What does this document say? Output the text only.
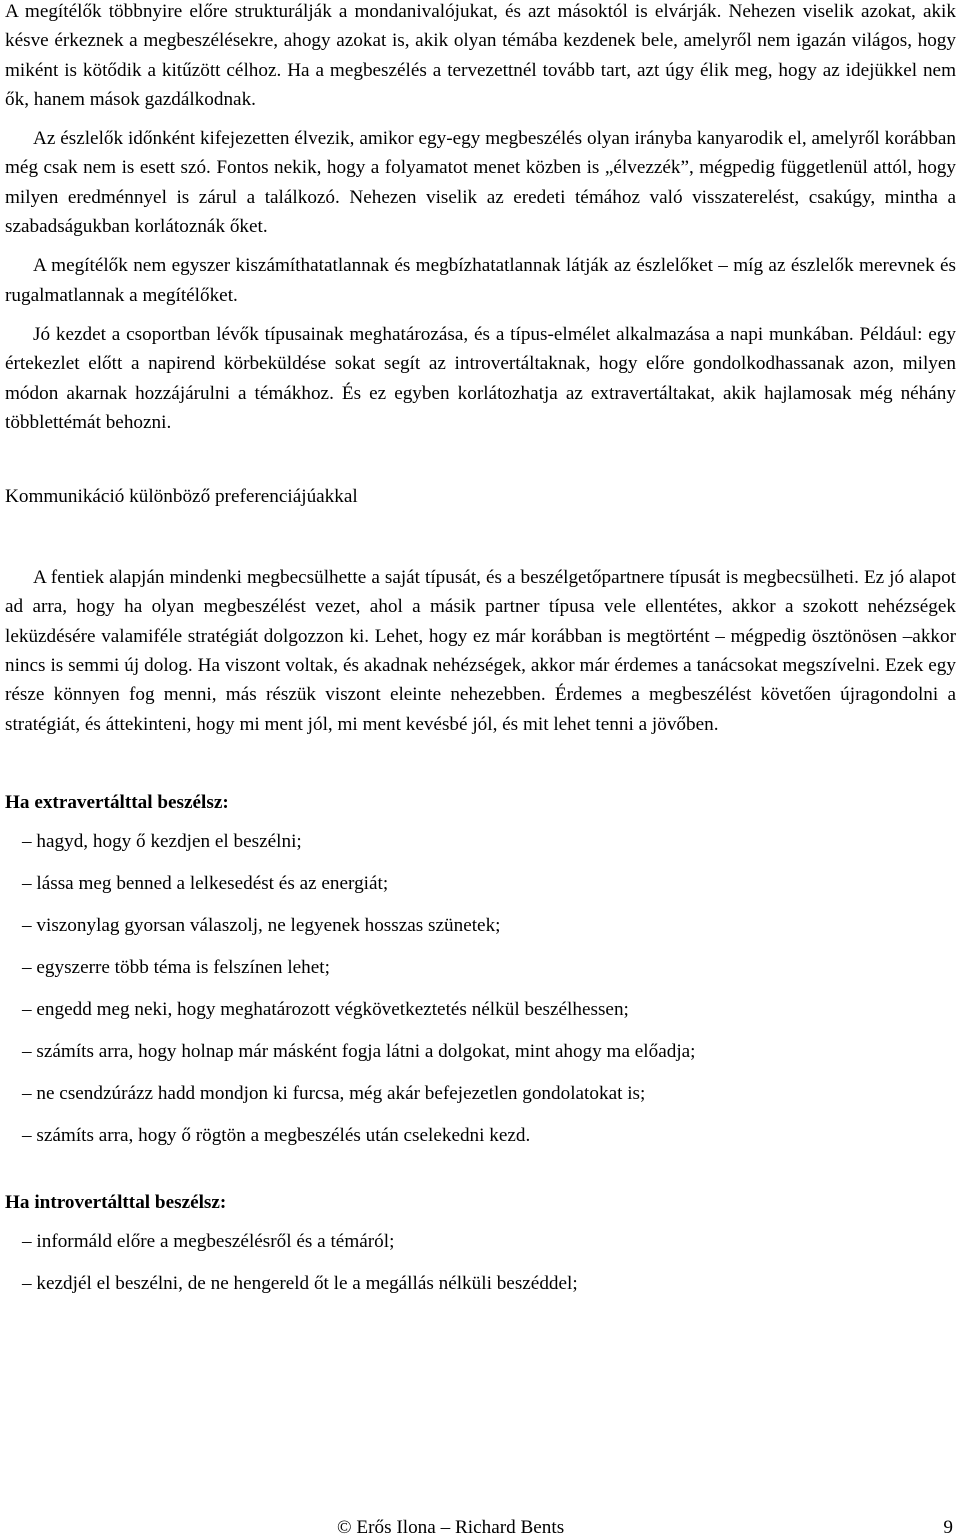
A megítélők többnyire előre strukturálják a mondanivalójukat, és azt másoktól is elvárják. Nehezen viselik azokat, akik késve érkeznek a megbeszélésekre, ahogy azokat is, akik olyan témába kezdenek bele, amelyről nem igazán világos, hogy miként is kötődik a kitűzött célhoz. Ha a megbeszélés a tervezettnél tovább tart, azt úgy élik meg, hogy az idejükkel nem ők, hanem mások gazdálkodnak.

Az észlelők időnként kifejezetten élvezik, amikor egy-egy megbeszélés olyan irányba kanyarodik el, amelyről korábban még csak nem is esett szó. Fontos nekik, hogy a folyamatot menet közben is „élvezzék”, mégpedig függetlenül attól, hogy milyen eredménnyel is zárul a találkozó. Nehezen viselik az eredeti témához való visszaterelést, csakúgy, mintha a szabadságukban korlátoznák őket.

A megítélők nem egyszer kiszámíthatatlannak és megbízhatatlannak látják az észlelőket – míg az észlelők merevnek és rugalmatlannak a megítélőket.

Jó kezdet a csoportban lévők típusainak meghatározása, és a típus-elmélet alkalmazása a napi munkában. Például: egy értekezlet előtt a napirend körbeküldése sokat segít az introvertáltaknak, hogy előre gondolkodhassanak azon, milyen módon akarnak hozzájárulni a témákhoz. És ez egyben korlátozhatja az extravertáltakat, akik hajlamosak még néhány többlettémát behozni.

Kommunikáció különböző preferenciájúakkal

A fentiek alapján mindenki megbecsülhette a saját típusát, és a beszélgetőpartnere típusát is megbecsülheti. Ez jó alapot ad arra, hogy ha olyan megbeszélést vezet, ahol a másik partner típusa vele ellentétes, akkor a szokott nehézségek leküzdésére valamiféle stratégiát dolgozzon ki. Lehet, hogy ez már korábban is megtörtént – mégpedig ösztönösen –akkor nincs is semmi új dolog. Ha viszont voltak, és akadnak nehézségek, akkor már érdemes a tanácsokat megszívelni. Ezek egy része könnyen fog menni, más részük viszont eleinte nehezebben. Érdemes a megbeszélést követően újragondolni a stratégiát, és áttekinteni, hogy mi ment jól, mi ment kevésbé jól, és mit lehet tenni a jövőben.

Ha extravertálttal beszélsz:

– hagyd, hogy ő kezdjen el beszélni;
– lássa meg benned a lelkesedést és az energiát;
– viszonylag gyorsan válaszolj, ne legyenek hosszas szünetek;
– egyszerre több téma is felszínen lehet;
– engedd meg neki, hogy meghatározott végkövetkeztetés nélkül beszélhessen;
– számíts arra, hogy holnap már másként fogja látni a dolgokat, mint ahogy ma előadja;
– ne csendzúrázz hadd mondjon ki furcsa, még akár befejezetlen gondolatokat is;
– számíts arra, hogy ő rögtön a megbeszélés után cselekedni kezd.

Ha introvertálttal beszélsz:

– informáld előre a megbeszélésről és a témáról;
– kezdjél el beszélni, de ne hengereld őt le a megállás nélküli beszéddel;
© Erős Ilona – Richard Bents	9
